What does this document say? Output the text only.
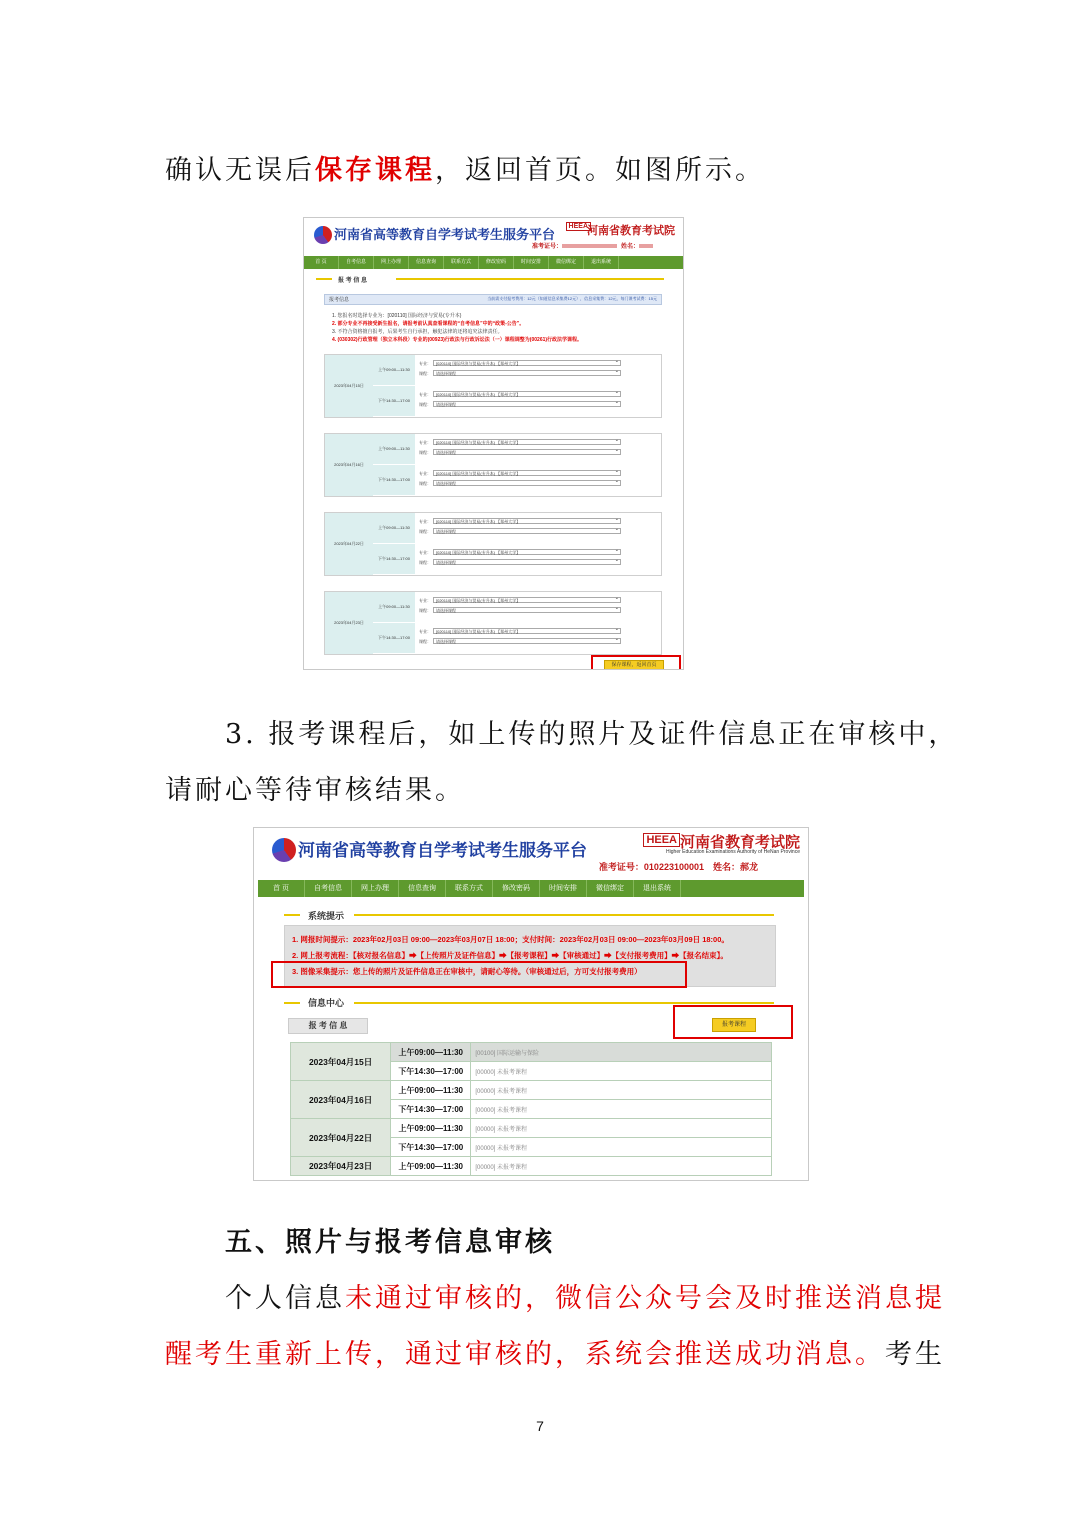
确认无误后保存课程，返回首页。如图所示。
河南省高等教育自学考试考生服务平台
HEEA 河南省教育考试院
准考证号：	姓名：
首 页	自考信息	网上办理	信息查询	联系方式	修改密码	时间安排	微信绑定	退出系统
报 考 信 息
报考信息	当前需支付报考费用：12元（知道信息采集费12元），信息采集费：12元，每门课考试费：15元
1. 您报名时选择专业为：[020110] 国际经济与贸易(专升本)
2. 部分专业不再接受新生报名，请报考前认真查看课程的“自考信息”中的“政策-公告”。
3. 不符合资格擅自报考，后果考生自行承担，触犯法律的还将追究法律责任。
4. (030302)行政管理（独立本科段）专业的(00923)行政法与行政诉讼法（一）课程调整为(00261)行政法学课程。
2023年04月15日
上午09:00—11:30
专业：	[020110] 国际经济与贸易(专升本) 【郑州大学】 ⌄
课程：	请选择课程 ⌄
下午14:30—17:00
专业：	[020110] 国际经济与贸易(专升本) 【郑州大学】 ⌄
课程：	请选择课程 ⌄
2023年04月16日
上午09:00—11:30
专业：	[020110] 国际经济与贸易(专升本) 【郑州大学】 ⌄
课程：	请选择课程 ⌄
下午14:30—17:00
专业：	[020110] 国际经济与贸易(专升本) 【郑州大学】 ⌄
课程：	请选择课程 ⌄
2023年04月22日
上午09:00—11:30
专业：	[020110] 国际经济与贸易(专升本) 【郑州大学】 ⌄
课程：	请选择课程 ⌄
下午14:30—17:00
专业：	[020110] 国际经济与贸易(专升本) 【郑州大学】 ⌄
课程：	请选择课程 ⌄
2023年04月23日
上午09:00—11:30
专业：	[020110] 国际经济与贸易(专升本) 【郑州大学】 ⌄
课程：	请选择课程 ⌄
下午14:30—17:00
专业：	[020110] 国际经济与贸易(专升本) 【郑州大学】 ⌄
课程：	请选择课程 ⌄
保存课程，返回首页
3. 报考课程后，如上传的照片及证件信息正在审核中，
请耐心等待审核结果。
河南省高等教育自学考试考生服务平台
HEEA 河南省教育考试院
Higher Education Examinations Authority of HeNan Province
准考证号：010223100001　姓名：郝龙
首 页	自考信息	网上办理	信息查询	联系方式	修改密码	时间安排	微信绑定	退出系统
系统提示
1. 网报时间提示：2023年02月03日 09:00—2023年03月07日 18:00；支付时间：2023年02月03日 09:00—2023年03月09日 18:00。
2. 网上报考流程：【核对报名信息】➡【上传照片及证件信息】➡【报考课程】➡【审核通过】➡【支付报考费用】➡【报名结束】。
3. 图像采集提示：您上传的照片及证件信息正在审核中，请耐心等待。（审核通过后，方可支付报考费用）
信息中心
报 考 信 息	报考课程
2023年04月15日	上午09:00—11:30	[00100] 国际运输与保险
	下午14:30—17:00	[00000] 未报考课程
2023年04月16日	上午09:00—11:30	[00000] 未报考课程
	下午14:30—17:00	[00000] 未报考课程
2023年04月22日	上午09:00—11:30	[00000] 未报考课程
	下午14:30—17:00	[00000] 未报考课程
2023年04月23日	上午09:00—11:30	[00000] 未报考课程
五、照片与报考信息审核
个人信息未通过审核的，微信公众号会及时推送消息提
醒考生重新上传，通过审核的，系统会推送成功消息。考生
7
